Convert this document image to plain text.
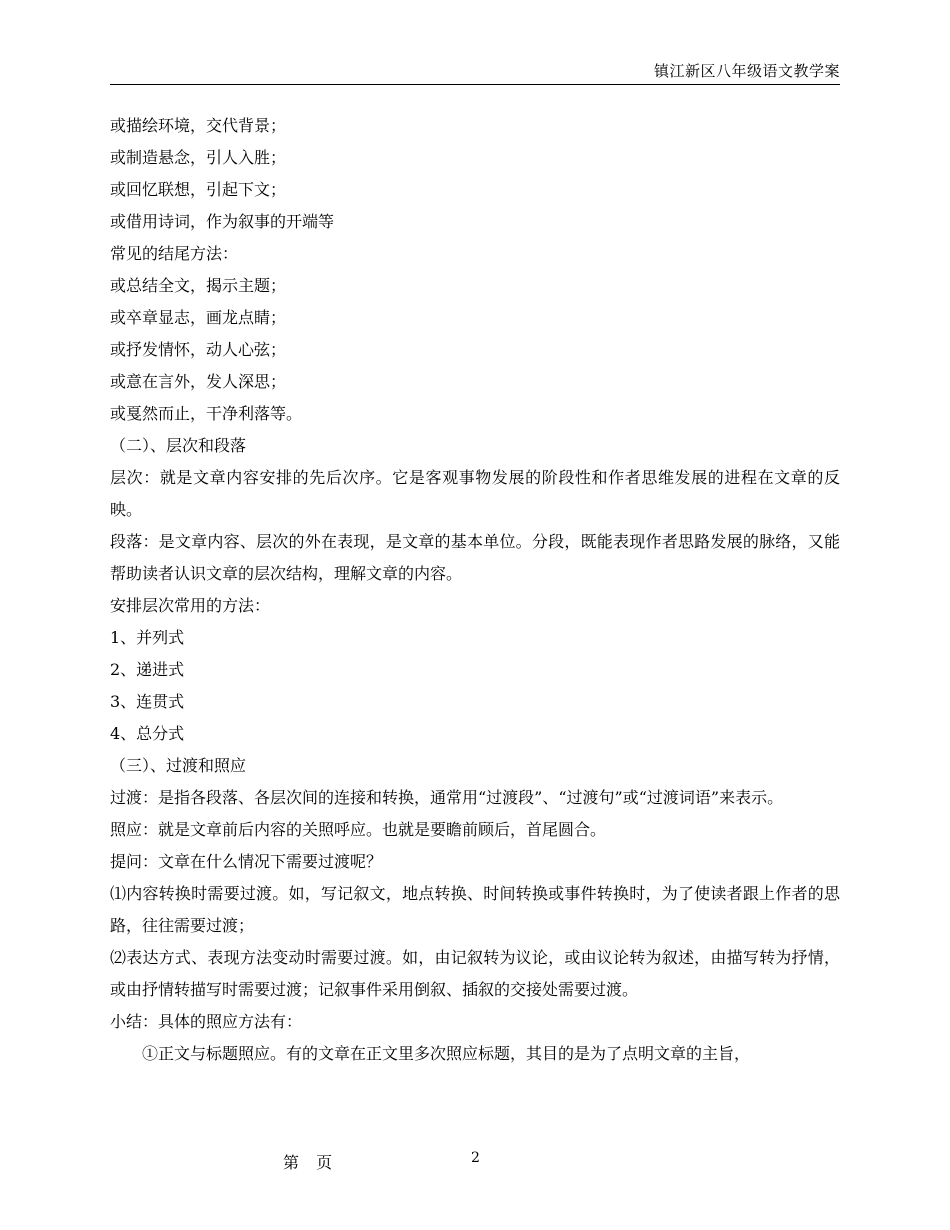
镇江新区八年级语文教学案
或描绘环境，交代背景；
或制造悬念，引人入胜；
或回忆联想，引起下文；
或借用诗词，作为叙事的开端等
常见的结尾方法：
或总结全文，揭示主题；
或卒章显志，画龙点睛；
或抒发情怀，动人心弦；
或意在言外，发人深思；
或戛然而止，干净利落等。
（二）、层次和段落
层次：就是文章内容安排的先后次序。它是客观事物发展的阶段性和作者思维发展的进程在文章的反映。
段落：是文章内容、层次的外在表现，是文章的基本单位。分段，既能表现作者思路发展的脉络，又能帮助读者认识文章的层次结构，理解文章的内容。
安排层次常用的方法：
1、并列式
2、递进式
3、连贯式
4、总分式
（三）、过渡和照应
过渡：是指各段落、各层次间的连接和转换，通常用“过渡段”、“过渡句”或“过渡词语”来表示。
照应：就是文章前后内容的关照呼应。也就是要瞻前顾后，首尾圆合。
提问：文章在什么情况下需要过渡呢？
⑴内容转换时需要过渡。如，写记叙文，地点转换、时间转换或事件转换时，为了使读者跟上作者的思路，往往需要过渡；
⑵表达方式、表现方法变动时需要过渡。如，由记叙转为议论，或由议论转为叙述，由描写转为抒情，或由抒情转描写时需要过渡；记叙事件采用倒叙、插叙的交接处需要过渡。
小结：具体的照应方法有：
①正文与标题照应。有的文章在正文里多次照应标题，其目的是为了点明文章的主旨，
第 页	2
